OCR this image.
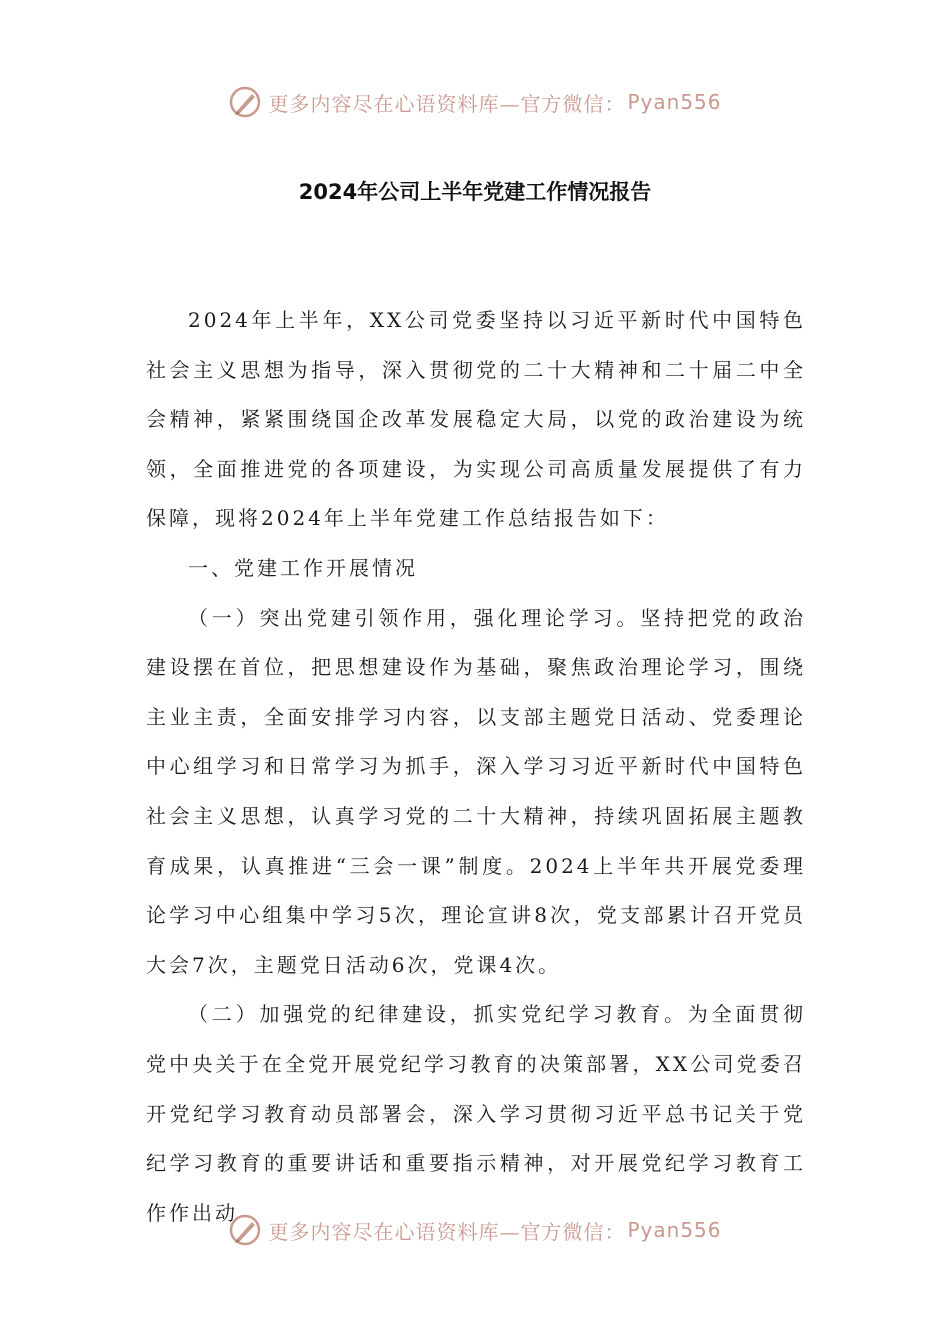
更多内容尽在心语资料库—官方微信： Pyan556
2024年公司上半年党建工作情况报告

2024年上半年，XX公司党委坚持以习近平新时代中国特色社会主义思想为指导，深入贯彻党的二十大精神和二十届二中全会精神，紧紧围绕国企改革发展稳定大局，以党的政治建设为统领，全面推进党的各项建设，为实现公司高质量发展提供了有力保障，现将2024年上半年党建工作总结报告如下：

一、党建工作开展情况

（一）突出党建引领作用，强化理论学习。坚持把党的政治建设摆在首位，把思想建设作为基础，聚焦政治理论学习，围绕主业主责，全面安排学习内容，以支部主题党日活动、党委理论中心组学习和日常学习为抓手，深入学习习近平新时代中国特色社会主义思想，认真学习党的二十大精神，持续巩固拓展主题教育成果，认真推进“三会一课”制度。2024上半年共开展党委理论学习中心组集中学习5次，理论宣讲8次，党支部累计召开党员大会7次，主题党日活动6次，党课4次。

（二）加强党的纪律建设，抓实党纪学习教育。为全面贯彻党中央关于在全党开展党纪学习教育的决策部署，XX公司党委召开党纪学习教育动员部署会，深入学习贯彻习近平总书记关于党纪学习教育的重要讲话和重要指示精神，对开展党纪学习教育工作作出动

更多内容尽在心语资料库—官方微信： Pyan556
